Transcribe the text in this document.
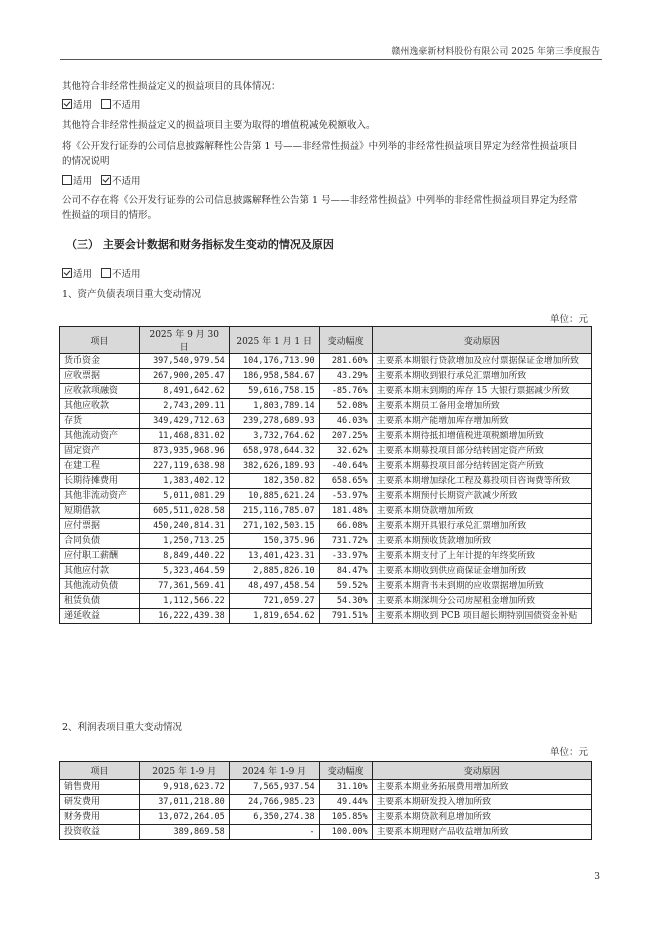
赣州逸豪新材料股份有限公司 2025 年第三季度报告
其他符合非经常性损益定义的损益项目的具体情况：
适用 不适用
其他符合非经常性损益定义的损益项目主要为取得的增值税减免税额收入。
将《公开发行证券的公司信息披露解释性公告第 1 号——非经常性损益》中列举的非经常性损益项目界定为经常性损益项目的情况说明
适用 不适用
公司不存在将《公开发行证券的公司信息披露解释性公告第 1 号——非经常性损益》中列举的非经常性损益项目界定为经常性损益的项目的情形。
（三） 主要会计数据和财务指标发生变动的情况及原因
适用 不适用
1、资产负债表项目重大变动情况
单位：元
项目	2025 年 9 月 30 日	2025 年 1 月 1 日	变动幅度	变动原因
货币资金	397,540,979.54	104,176,713.90	281.60%	主要系本期银行贷款增加及应付票据保证金增加所致
应收票据	267,900,205.47	186,958,584.67	43.29%	主要系本期收到银行承兑汇票增加所致
应收款项融资	8,491,642.62	59,616,758.15	-85.76%	主要系本期末到期的库存 15 大银行票据减少所致
其他应收款	2,743,209.11	1,803,789.14	52.08%	主要系本期员工备用金增加所致
存货	349,429,712.63	239,278,689.93	46.03%	主要系本期产能增加库存增加所致
其他流动资产	11,468,831.02	3,732,764.62	207.25%	主要系本期待抵扣增值税进项税额增加所致
固定资产	873,935,968.96	658,978,644.32	32.62%	主要系本期募投项目部分结转固定资产所致
在建工程	227,119,638.98	382,626,189.93	-40.64%	主要系本期募投项目部分结转固定资产所致
长期待摊费用	1,383,402.12	182,350.82	658.65%	主要系本期增加绿化工程及募投项目咨询费等所致
其他非流动资产	5,011,081.29	10,885,621.24	-53.97%	主要系本期预付长期资产款减少所致
短期借款	605,511,028.58	215,116,785.07	181.48%	主要系本期贷款增加所致
应付票据	450,240,814.31	271,102,503.15	66.08%	主要系本期开具银行承兑汇票增加所致
合同负债	1,250,713.25	150,375.96	731.72%	主要系本期预收货款增加所致
应付职工薪酬	8,849,440.22	13,401,423.31	-33.97%	主要系本期支付了上年计提的年终奖所致
其他应付款	5,323,464.59	2,885,826.10	84.47%	主要系本期收到供应商保证金增加所致
其他流动负债	77,361,569.41	48,497,458.54	59.52%	主要系本期背书未到期的应收票据增加所致
租赁负债	1,112,566.22	721,059.27	54.30%	主要系本期深圳分公司房屋租金增加所致
递延收益	16,222,439.38	1,819,654.62	791.51%	主要系本期收到 PCB 项目超长期特别国债资金补贴
2、利润表项目重大变动情况
单位：元
项目	2025 年 1-9 月	2024 年 1-9 月	变动幅度	变动原因
销售费用	9,918,623.72	7,565,937.54	31.10%	主要系本期业务拓展费用增加所致
研发费用	37,011,218.80	24,766,985.23	49.44%	主要系本期研发投入增加所致
财务费用	13,072,264.05	6,350,274.38	105.85%	主要系本期贷款利息增加所致
投资收益	389,869.58	-	100.00%	主要系本期理财产品收益增加所致
3
